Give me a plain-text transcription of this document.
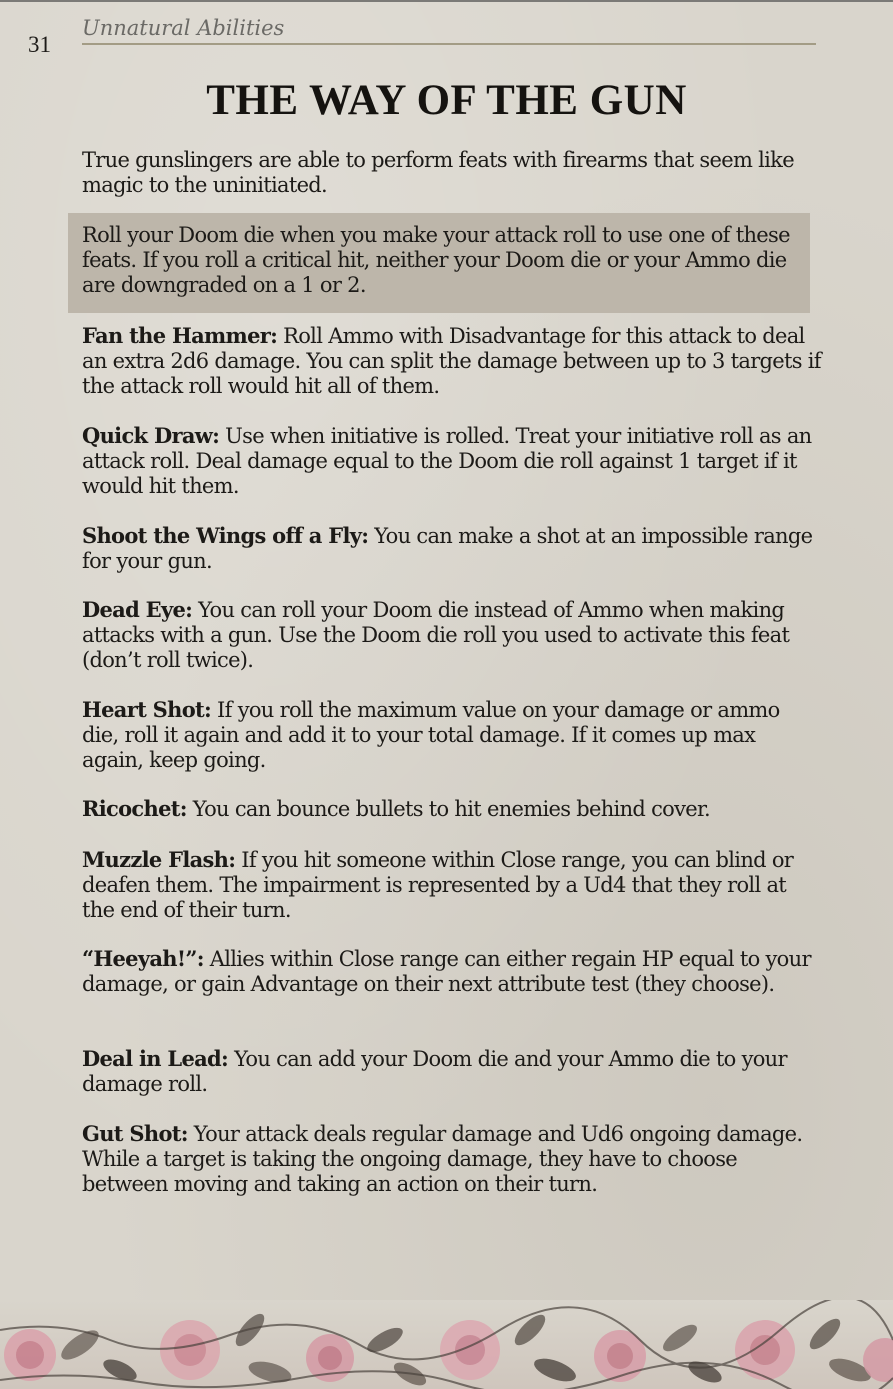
31
Unnatural Abilities
THE WAY OF THE GUN
True gunslingers are able to perform feats with firearms that seem like magic to the uninitiated.
Roll your Doom die when you make your attack roll to use one of these feats. If you roll a critical hit, neither your Doom die or your Ammo die are downgraded on a 1 or 2.
Fan the Hammer: Roll Ammo with Disadvantage for this attack to deal an extra 2d6 damage. You can split the damage between up to 3 targets if the attack roll would hit all of them.
Quick Draw: Use when initiative is rolled. Treat your initiative roll as an attack roll. Deal damage equal to the Doom die roll against 1 target if it would hit them.
Shoot the Wings off a Fly: You can make a shot at an impossible range for your gun.
Dead Eye: You can roll your Doom die instead of Ammo when making attacks with a gun. Use the Doom die roll you used to activate this feat (don’t roll twice).
Heart Shot: If you roll the maximum value on your damage or ammo die, roll it again and add it to your total damage. If it comes up max again, keep going.
Ricochet: You can bounce bullets to hit enemies behind cover.
Muzzle Flash: If you hit someone within Close range, you can blind or deafen them. The impairment is represented by a Ud4 that they roll at the end of their turn.
“Heeyah!”: Allies within Close range can either regain HP equal to your damage, or gain Advantage on their next attribute test (they choose).
Deal in Lead: You can add your Doom die and your Ammo die to your damage roll.
Gut Shot: Your attack deals regular damage and Ud6 ongoing damage. While a target is taking the ongoing damage, they have to choose between moving and taking an action on their turn.
